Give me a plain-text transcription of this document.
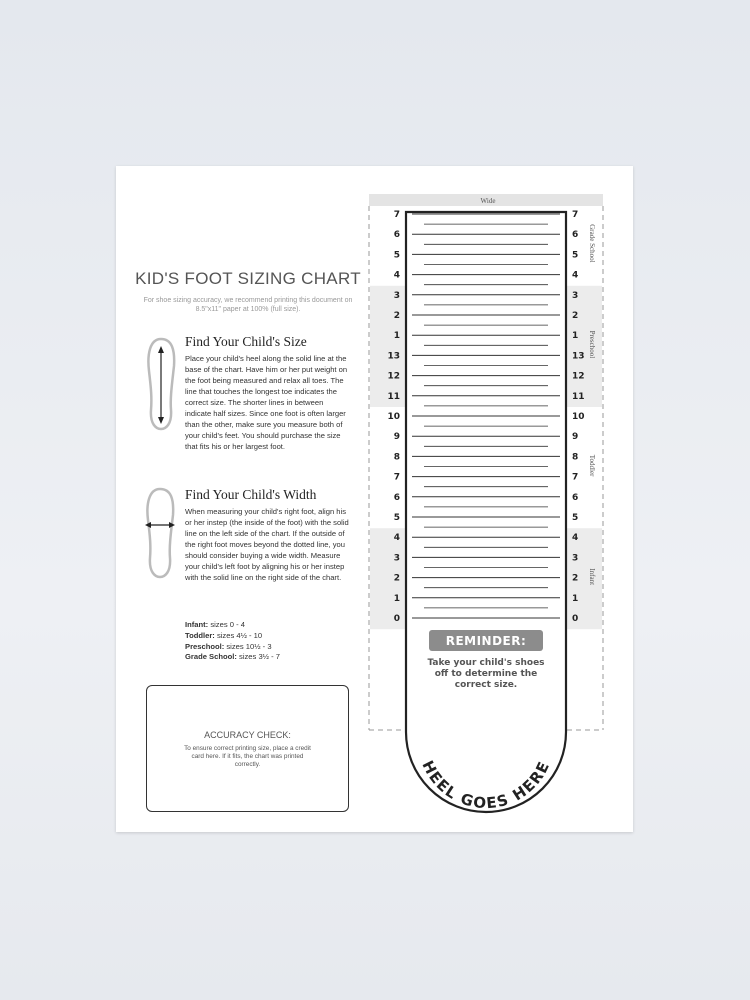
KID'S FOOT SIZING CHART
For shoe sizing accuracy, we recommend printing this document on 8.5"x11" paper at 100% (full size).
Find Your Child's Size
Place your child's heel along the solid line at the base of the chart. Have him or her put weight on the foot being measured and relax all toes. The line that touches the longest toe indicates the correct size. The shorter lines in between indicate half sizes. Since one foot is often larger than the other, make sure you measure both of your child's feet. You should purchase the size that fits his or her largest foot.
Find Your Child's Width
When measuring your child's right foot, align his or her instep (the inside of the foot) with the solid line on the left side of the chart. If the outside of the right foot moves beyond the dotted line, you should consider buying a wide width. Measure your child's left foot by aligning his or her instep with the solid line on the right side of the chart.
Infant: sizes 0 - 4
Toddler: sizes 4½ - 10
Preschool: sizes 10½ - 3
Grade School: sizes 3½ - 7
ACCURACY CHECK:
To ensure correct printing size, place a credit card here. If it fits, the chart was printed correctly.
Wide
7	7
6	6
5	5
4	4
3	3
2	2
1	1
13	13
12	12
11	11
10	10
9	9
8	8
7	7
6	6
5	5
4	4
3	3
2	2
1	1
0	0
Grade School
Preschool
Toddler
Infant
REMINDER:
Take your child's shoes
off to determine the
correct size.
HEEL GOES HERE
